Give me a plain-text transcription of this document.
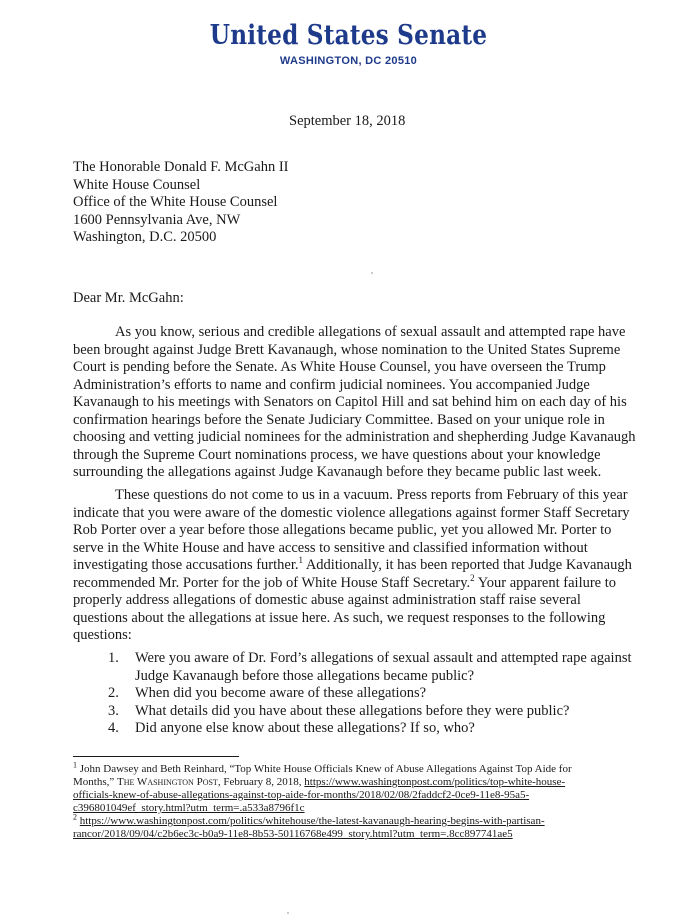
United States Senate
WASHINGTON, DC 20510
September 18, 2018
The Honorable Donald F. McGahn II
White House Counsel
Office of the White House Counsel
1600 Pennsylvania Ave, NW
Washington, D.C. 20500
Dear Mr. McGahn:
As you know, serious and credible allegations of sexual assault and attempted rape have
been brought against Judge Brett Kavanaugh, whose nomination to the United States Supreme
Court is pending before the Senate. As White House Counsel, you have overseen the Trump
Administration’s efforts to name and confirm judicial nominees. You accompanied Judge
Kavanaugh to his meetings with Senators on Capitol Hill and sat behind him on each day of his
confirmation hearings before the Senate Judiciary Committee. Based on your unique role in
choosing and vetting judicial nominees for the administration and shepherding Judge Kavanaugh
through the Supreme Court nominations process, we have questions about your knowledge
surrounding the allegations against Judge Kavanaugh before they became public last week.
These questions do not come to us in a vacuum. Press reports from February of this year
indicate that you were aware of the domestic violence allegations against former Staff Secretary
Rob Porter over a year before those allegations became public, yet you allowed Mr. Porter to
serve in the White House and have access to sensitive and classified information without
investigating those accusations further.$^1$ Additionally, it has been reported that Judge Kavanaugh
recommended Mr. Porter for the job of White House Staff Secretary.$^2$ Your apparent failure to
properly address allegations of domestic abuse against administration staff raise several
questions about the allegations at issue here. As such, we request responses to the following
questions:
1. Were you aware of Dr. Ford’s allegations of sexual assault and attempted rape against
Judge Kavanaugh before those allegations became public?
2. When did you become aware of these allegations?
3. What details did you have about these allegations before they were public?
4. Did anyone else know about these allegations? If so, who?
$^1$ John Dawsey and Beth Reinhard, “Top White House Officials Knew of Abuse Allegations Against Top Aide for
Months,” The Washington Post, February 8, 2018, https://www.washingtonpost.com/politics/top-white-house-
officials-knew-of-abuse-allegations-against-top-aide-for-months/2018/02/08/2faddcf2-0ce9-11e8-95a5-
c396801049ef_story.html?utm_term=.a533a8796f1c
$^2$ https://www.washingtonpost.com/politics/whitehouse/the-latest-kavanaugh-hearing-begins-with-partisan-
rancor/2018/09/04/c2b6ec3c-b0a9-11e8-8b53-50116768e499_story.html?utm_term=.8cc897741ae5
